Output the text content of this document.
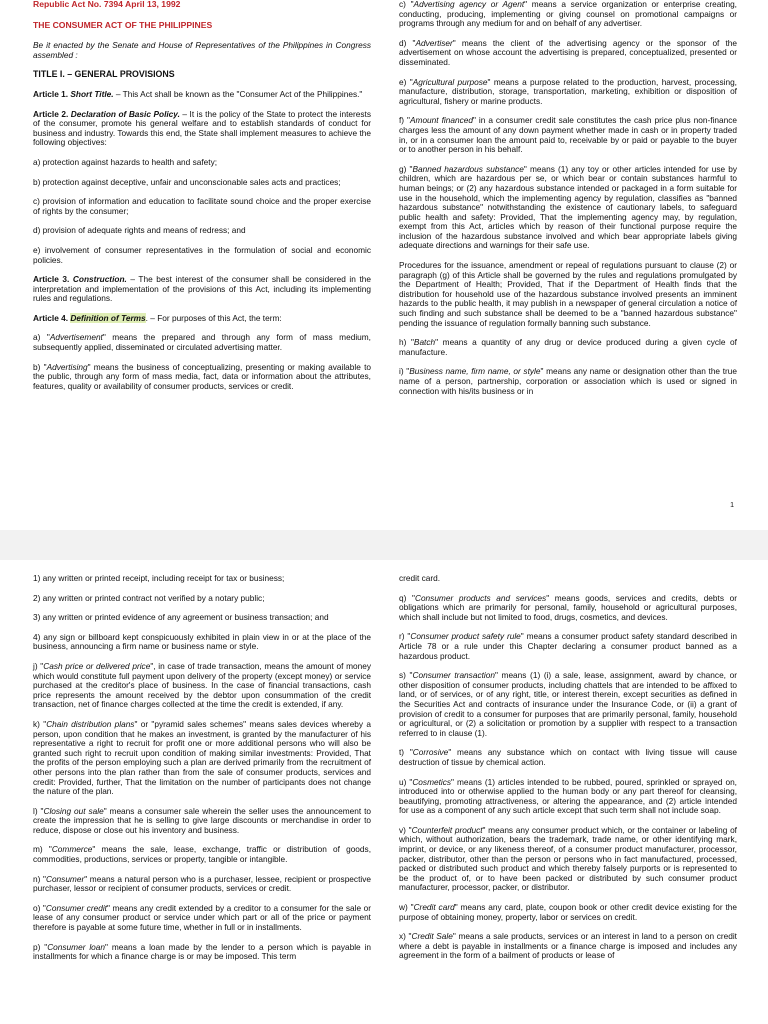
Republic Act No. 7394 April 13, 1992

THE CONSUMER ACT OF THE PHILIPPINES

Be it enacted by the Senate and House of Representatives of the Philippines in Congress assembled :

TITLE I. – GENERAL PROVISIONS

Article 1. Short Title. – This Act shall be known as the "Consumer Act of the Philippines."

Article 2. Declaration of Basic Policy. – It is the policy of the State to protect the interests of the consumer, promote his general welfare and to establish standards of conduct for business and industry. Towards this end, the State shall implement measures to achieve the following objectives:

a) protection against hazards to health and safety;

b) protection against deceptive, unfair and unconscionable sales acts and practices;

c) provision of information and education to facilitate sound choice and the proper exercise of rights by the consumer;

d) provision of adequate rights and means of redress; and

e) involvement of consumer representatives in the formulation of social and economic policies.

Article 3. Construction. – The best interest of the consumer shall be considered in the interpretation and implementation of the provisions of this Act, including its implementing rules and regulations.

Article 4. Definition of Terms. – For purposes of this Act, the term:

a) "Advertisement" means the prepared and through any form of mass medium, subsequently applied, disseminated or circulated advertising matter.

b) "Advertising" means the business of conceptualizing, presenting or making available to the public, through any form of mass media, fact, data or information about the attributes, features, quality or availability of consumer products, services or credit.

c) "Advertising agency or Agent" means a service organization or enterprise creating, conducting, producing, implementing or giving counsel on promotional campaigns or programs through any medium for and on behalf of any advertiser.

d) "Advertiser" means the client of the advertising agency or the sponsor of the advertisement on whose account the advertising is prepared, conceptualized, presented or disseminated.

e) "Agricultural purpose" means a purpose related to the production, harvest, processing, manufacture, distribution, storage, transportation, marketing, exhibition or disposition of agricultural, fishery or marine products.

f) "Amount financed" in a consumer credit sale constitutes the cash price plus non-finance charges less the amount of any down payment whether made in cash or in property traded in, or in a consumer loan the amount paid to, receivable by or paid or payable to the buyer or to another person in his behalf.

g) "Banned hazardous substance" means (1) any toy or other articles intended for use by children, which are hazardous per se, or which bear or contain substances harmful to human beings; or (2) any hazardous substance intended or packaged in a form suitable for use in the household, which the implementing agency by regulation, classifies as "banned hazardous substance" notwithstanding the existence of cautionary labels, to safeguard public health and safety: Provided, That the implementing agency may, by regulation, exempt from this Act, articles which by reason of their functional purpose require the inclusion of the hazardous substance involved and which bear appropriate labels giving adequate directions and warnings for their safe use.

Procedures for the issuance, amendment or repeal of regulations pursuant to clause (2) or paragraph (g) of this Article shall be governed by the rules and regulations promulgated by the Department of Health; Provided, That if the Department of Health finds that the distribution for household use of the hazardous substance involved presents an imminent hazards to the public health, it may publish in a newspaper of general circulation a notice of such finding and such substance shall be deemed to be a "banned hazardous substance" pending the issuance of regulation formally banning such substance.

h) "Batch" means a quantity of any drug or device produced during a given cycle of manufacture.

i) "Business name, firm name, or style" means any name or designation other than the true name of a person, partnership, corporation or association which is used or signed in connection with his/its business or in

1

1) any written or printed receipt, including receipt for tax or business;

2) any written or printed contract not verified by a notary public;

3) any written or printed evidence of any agreement or business transaction; and

4) any sign or billboard kept conspicuously exhibited in plain view in or at the place of the business, announcing a firm name or business name or style.

j) "Cash price or delivered price", in case of trade transaction, means the amount of money which would constitute full payment upon delivery of the property (except money) or service purchased at the creditor's place of business. In the case of financial transactions, cash price represents the amount received by the debtor upon consummation of the credit transaction, net of finance charges collected at the time the credit is extended, if any.

k) "Chain distribution plans" or "pyramid sales schemes" means sales devices whereby a person, upon condition that he makes an investment, is granted by the manufacturer of his representative a right to recruit for profit one or more additional persons who will also be granted such right to recruit upon condition of making similar investments: Provided, That the profits of the person employing such a plan are derived primarily from the recruitment of other persons into the plan rather than from the sale of consumer products, services and credit: Provided, further, That the limitation on the number of participants does not change the nature of the plan.

l) "Closing out sale" means a consumer sale wherein the seller uses the announcement to create the impression that he is selling to give large discounts or merchandise in order to reduce, dispose or close out his inventory and business.

m) "Commerce" means the sale, lease, exchange, traffic or distribution of goods, commodities, productions, services or property, tangible or intangible.

n) "Consumer" means a natural person who is a purchaser, lessee, recipient or prospective purchaser, lessor or recipient of consumer products, services or credit.

o) "Consumer credit" means any credit extended by a creditor to a consumer for the sale or lease of any consumer product or service under which part or all of the price or payment therefore is payable at some future time, whether in full or in installments.

p) "Consumer loan" means a loan made by the lender to a person which is payable in installments for which a finance charge is or may be imposed. This term

credit card.

q) "Consumer products and services" means goods, services and credits, debts or obligations which are primarily for personal, family, household or agricultural purposes, which shall include but not limited to food, drugs, cosmetics, and devices.

r) "Consumer product safety rule" means a consumer product safety standard described in Article 78 or a rule under this Chapter declaring a consumer product banned as a hazardous product.

s) "Consumer transaction" means (1) (i) a sale, lease, assignment, award by chance, or other disposition of consumer products, including chattels that are intended to be affixed to land, or of services, or of any right, title, or interest therein, except securities as defined in the Securities Act and contracts of insurance under the Insurance Code, or (ii) a grant of provision of credit to a consumer for purposes that are primarily personal, family, household or agricultural, or (2) a solicitation or promotion by a supplier with respect to a transaction referred to in clause (1).

t) "Corrosive" means any substance which on contact with living tissue will cause destruction of tissue by chemical action.

u) "Cosmetics" means (1) articles intended to be rubbed, poured, sprinkled or sprayed on, introduced into or otherwise applied to the human body or any part thereof for cleansing, beautifying, promoting attractiveness, or altering the appearance, and (2) article intended for use as a component of any such article except that such term shall not include soap.

v) "Counterfeit product" means any consumer product which, or the container or labeling of which, without authorization, bears the trademark, trade name, or other identifying mark, imprint, or device, or any likeness thereof, of a consumer product manufacturer, processor, packer, distributor, other than the person or persons who in fact manufactured, processed, packed or distributed such product and which thereby falsely purports or is represented to be the product of, or to have been packed or distributed by such consumer product manufacturer, processor, packer, or distributor.

w) "Credit card" means any card, plate, coupon book or other credit device existing for the purpose of obtaining money, property, labor or services on credit.

x) "Credit Sale" means a sale products, services or an interest in land to a person on credit where a debt is payable in installments or a finance charge is imposed and includes any agreement in the form of a bailment of products or lease of
